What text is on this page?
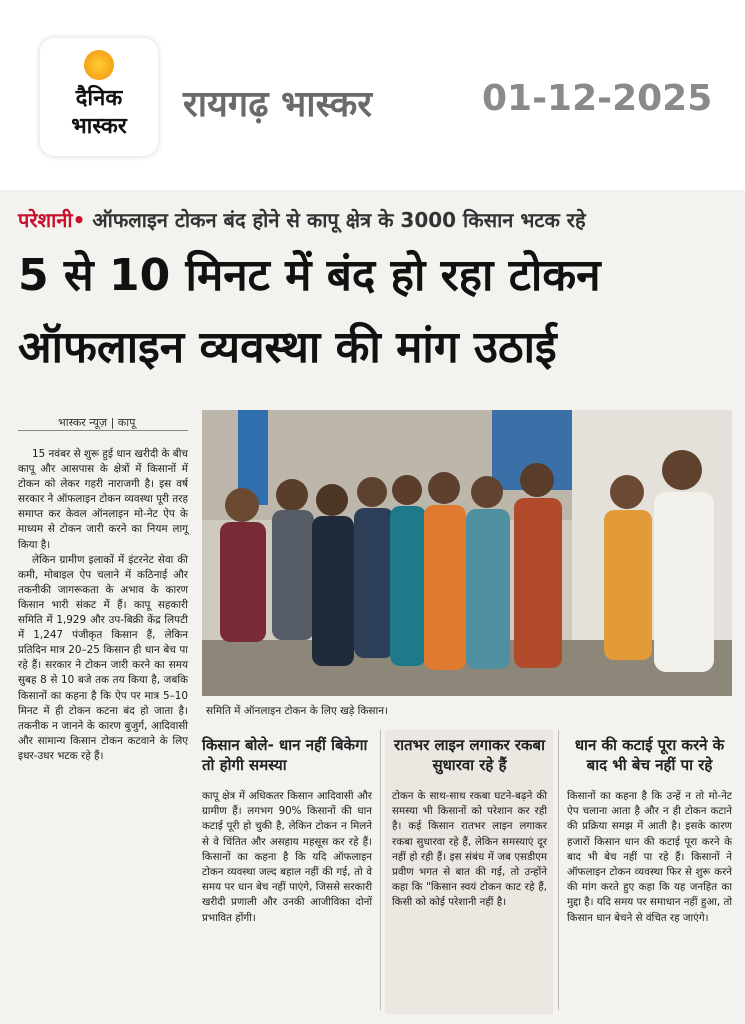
दैनिक
भास्कर
रायगढ़ भास्कर	01-12-2025
परेशानी• ऑफलाइन टोकन बंद होने से कापू क्षेत्र के 3000 किसान भटक रहे
5 से 10 मिनट में बंद हो रहा टोकन
ऑफलाइन व्यवस्था की मांग उठाई
भास्कर न्यूज़ | कापू

15 नवंबर से शुरू हुई धान खरीदी के बीच कापू और आसपास के क्षेत्रों में किसानों में टोकन को लेकर गहरी नाराजगी है। इस वर्ष सरकार ने ऑफलाइन टोकन व्यवस्था पूरी तरह समाप्त कर केवल ऑनलाइन मो-नेट ऐप के माध्यम से टोकन जारी करने का नियम लागू किया है।

लेकिन ग्रामीण इलाकों में इंटरनेट सेवा की कमी, मोबाइल ऐप चलाने में कठिनाई और तकनीकी जागरूकता के अभाव के कारण किसान भारी संकट में हैं। कापू सहकारी समिति में 1,929 और उप-बिक्री केंद्र लिपटी में 1,247 पंजीकृत किसान हैं, लेकिन प्रतिदिन मात्र 20–25 किसान ही धान बेच पा रहे हैं। सरकार ने टोकन जारी करने का समय सुबह 8 से 10 बजे तक तय किया है, जबकि किसानों का कहना है कि ऐप पर मात्र 5–10 मिनट में ही टोकन कटना बंद हो जाता है। तकनीक न जानने के कारण बुजुर्ग, आदिवासी और सामान्य किसान टोकन कटवाने के लिए इधर-उधर भटक रहे हैं।

समिति में ऑनलाइन टोकन के लिए खड़े किसान।
किसान बोले- धान नहीं बिकेगा तो होगी समस्या
कापू क्षेत्र में अधिकतर किसान आदिवासी और ग्रामीण हैं। लगभग 90% किसानों की धान कटाई पूरी हो चुकी है, लेकिन टोकन न मिलने से वे चिंतित और असहाय महसूस कर रहे हैं। किसानों का कहना है कि यदि ऑफलाइन टोकन व्यवस्था जल्द बहाल नहीं की गई, तो वे समय पर धान बेच नहीं पाएंगे, जिससे सरकारी खरीदी प्रणाली और उनकी आजीविका दोनों प्रभावित होंगी।
रातभर लाइन लगाकर रकबा सुधारवा रहे हैं
टोकन के साथ-साथ रकबा घटने-बढ़ने की समस्या भी किसानों को परेशान कर रही है। कई किसान रातभर लाइन लगाकर रकबा सुधारवा रहे हैं, लेकिन समस्याएं दूर नहीं हो रही हैं। इस संबंध में जब एसडीएम प्रवीण भगत से बात की गई, तो उन्होंने कहा कि "किसान स्वयं टोकन काट रहे हैं, किसी को कोई परेशानी नहीं है।
धान की कटाई पूरा करने के बाद भी बेच नहीं पा रहे
किसानों का कहना है कि उन्हें न तो मो-नेट ऐप चलाना आता है और न ही टोकन कटाने की प्रक्रिया समझ में आती है। इसके कारण हजारों किसान धान की कटाई पूरा करने के बाद भी बेच नहीं पा रहे हैं। किसानों ने ऑफलाइन टोकन व्यवस्था फिर से शुरू करने की मांग करते हुए कहा कि यह जनहित का मुद्दा है। यदि समय पर समाधान नहीं हुआ, तो किसान धान बेचने से वंचित रह जाएंगे।
